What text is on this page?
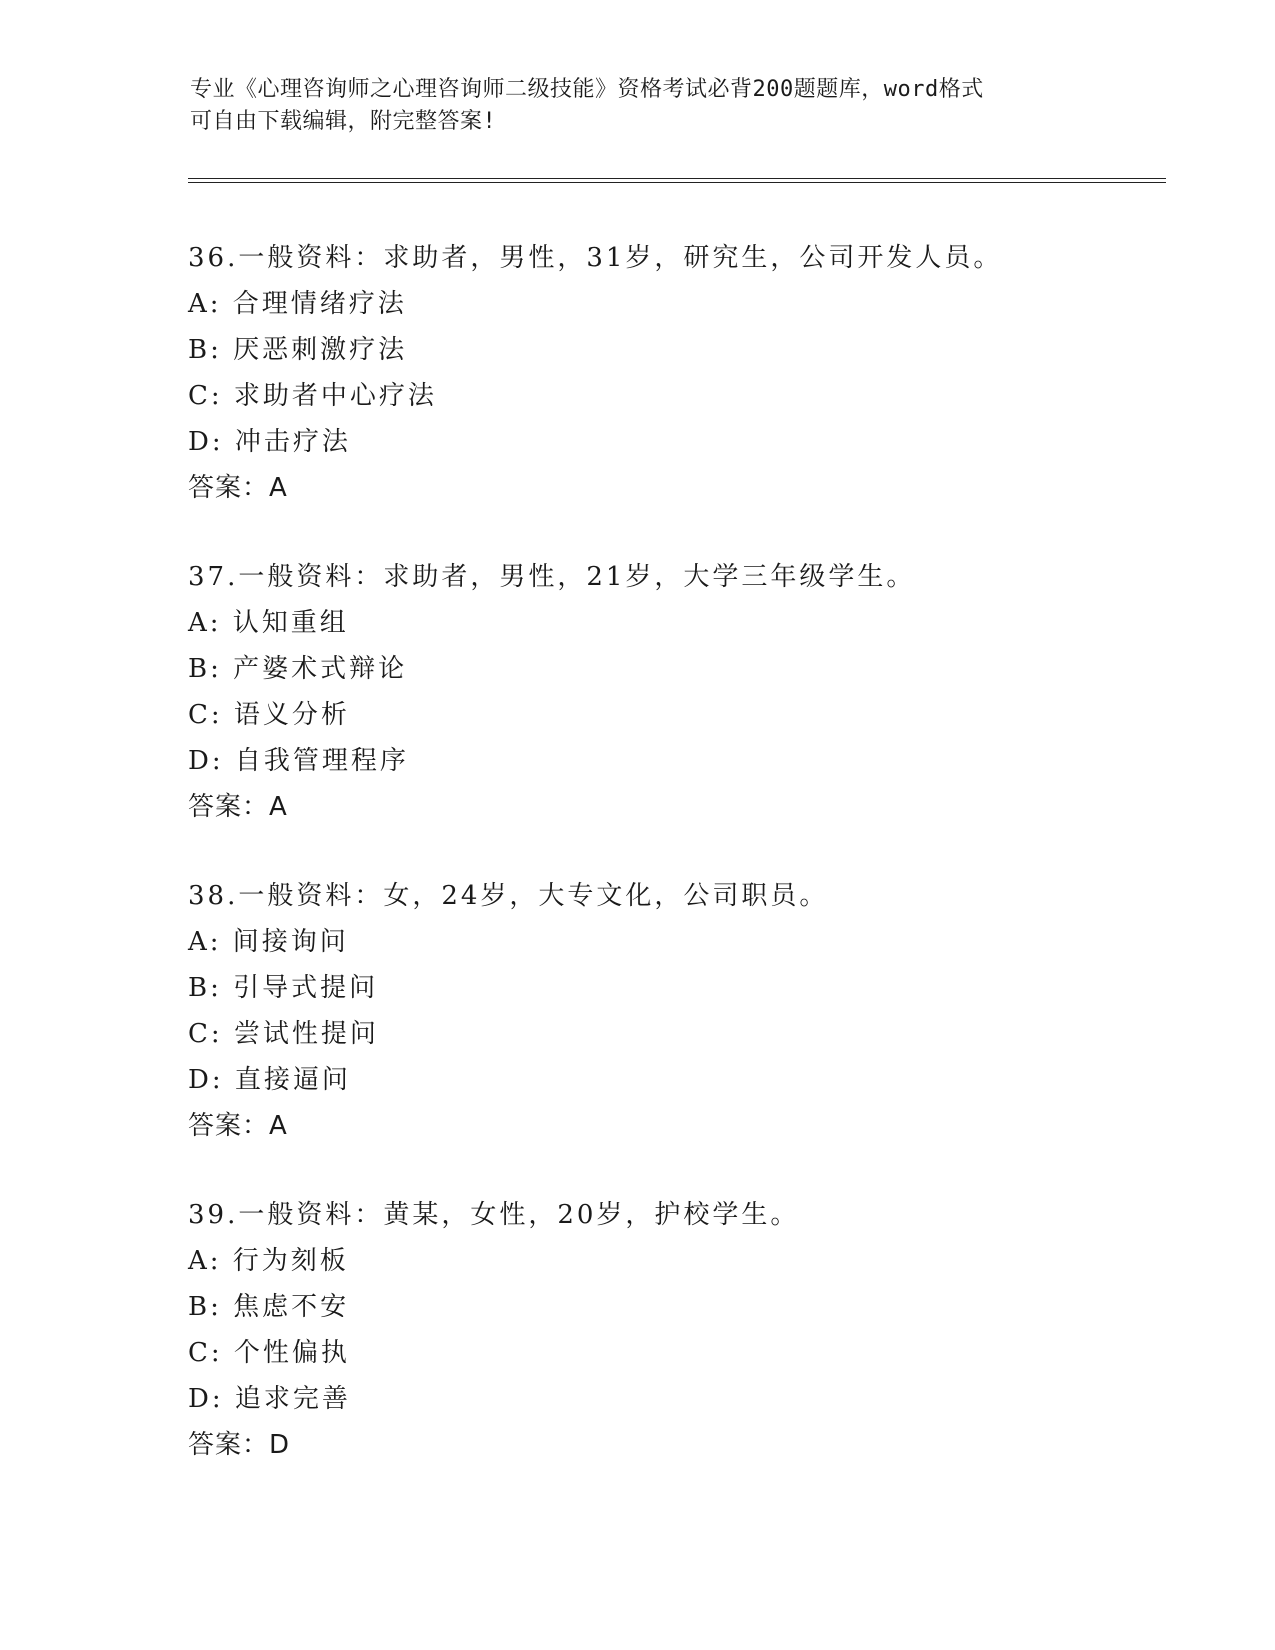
专业《心理咨询师之心理咨询师二级技能》资格考试必背200题题库，word格式
可自由下载编辑，附完整答案!
36.一般资料：求助者，男性，31岁，研究生，公司开发人员。
A: 合理情绪疗法
B: 厌恶刺激疗法
C: 求助者中心疗法
D: 冲击疗法
答案：A
37.一般资料：求助者，男性，21岁，大学三年级学生。
A: 认知重组
B: 产婆术式辩论
C: 语义分析
D: 自我管理程序
答案：A
38.一般资料：女，24岁，大专文化，公司职员。
A: 间接询问
B: 引导式提问
C: 尝试性提问
D: 直接逼问
答案：A
39.一般资料：黄某，女性，20岁，护校学生。
A: 行为刻板
B: 焦虑不安
C: 个性偏执
D: 追求完善
答案：D
